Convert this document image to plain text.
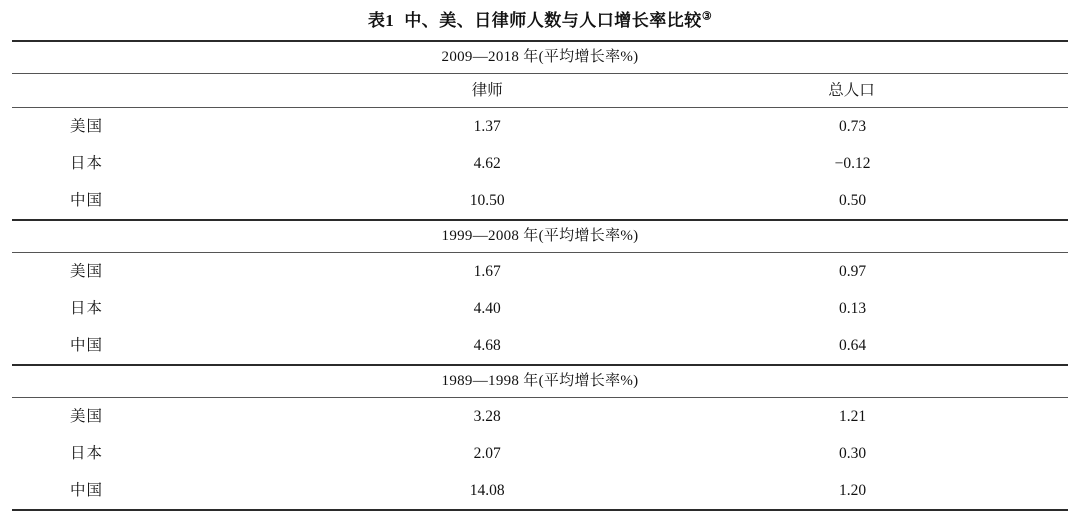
表1 中、美、日律师人数与人口增长率比较③
2009—2018 年(平均增长率%)		
	律师	总人口
美国	1.37	0.73
日本	4.62	−0.12
中国	10.50	0.50
1999—2008 年(平均增长率%)		
美国	1.67	0.97
日本	4.40	0.13
中国	4.68	0.64
1989—1998 年(平均增长率%)		
美国	3.28	1.21
日本	2.07	0.30
中国	14.08	1.20
